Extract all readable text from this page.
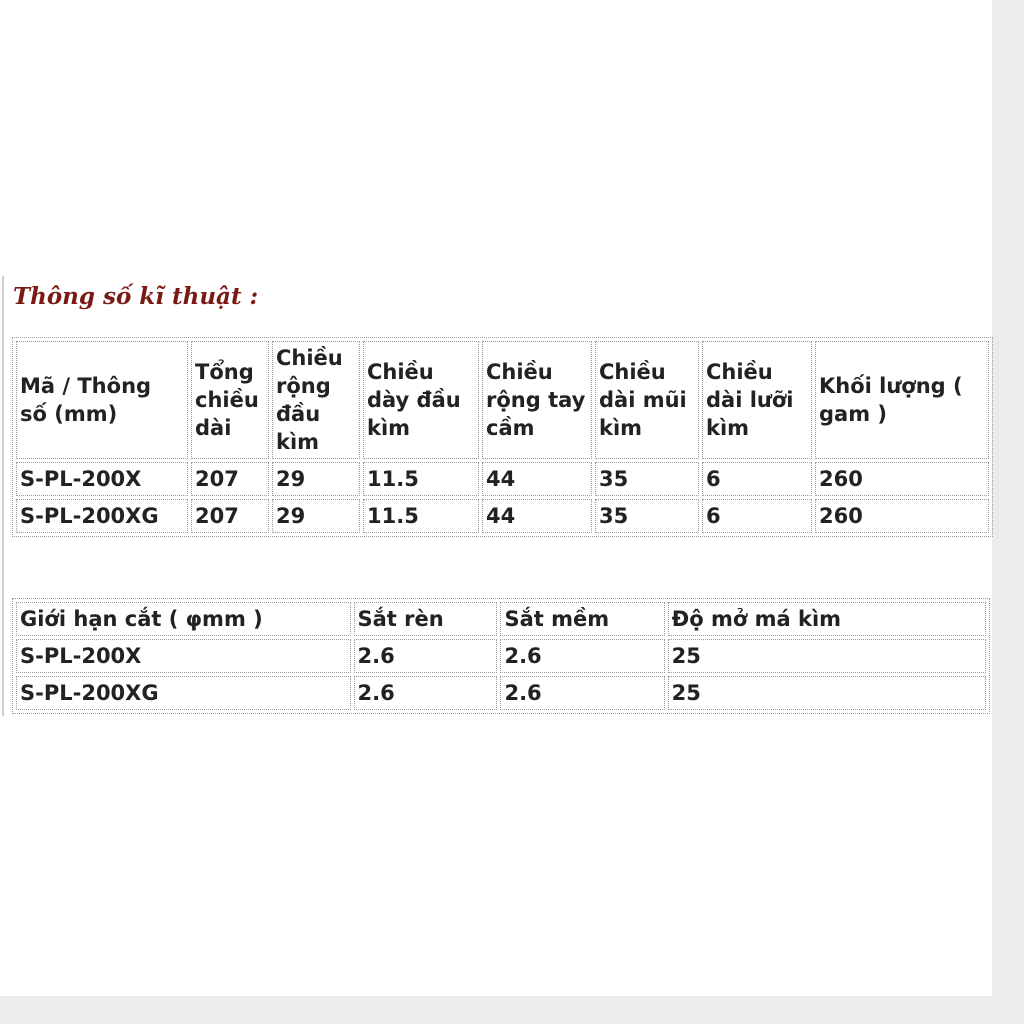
Thông số kĩ thuật :
Mã / Thông số (mm)	Tổng chiều dài	Chiều rộng đầu kìm	Chiều dày đầu kìm	Chiều rộng tay cầm	Chiều dài mũi kìm	Chiều dài lưỡi kìm	Khối lượng ( gam )
S-PL-200X	207	29	11.5	44	35	6	260
S-PL-200XG	207	29	11.5	44	35	6	260
Giới hạn cắt ( φmm )	Sắt rèn	Sắt mềm	Độ mở má kìm
S-PL-200X	2.6	2.6	25
S-PL-200XG	2.6	2.6	25
